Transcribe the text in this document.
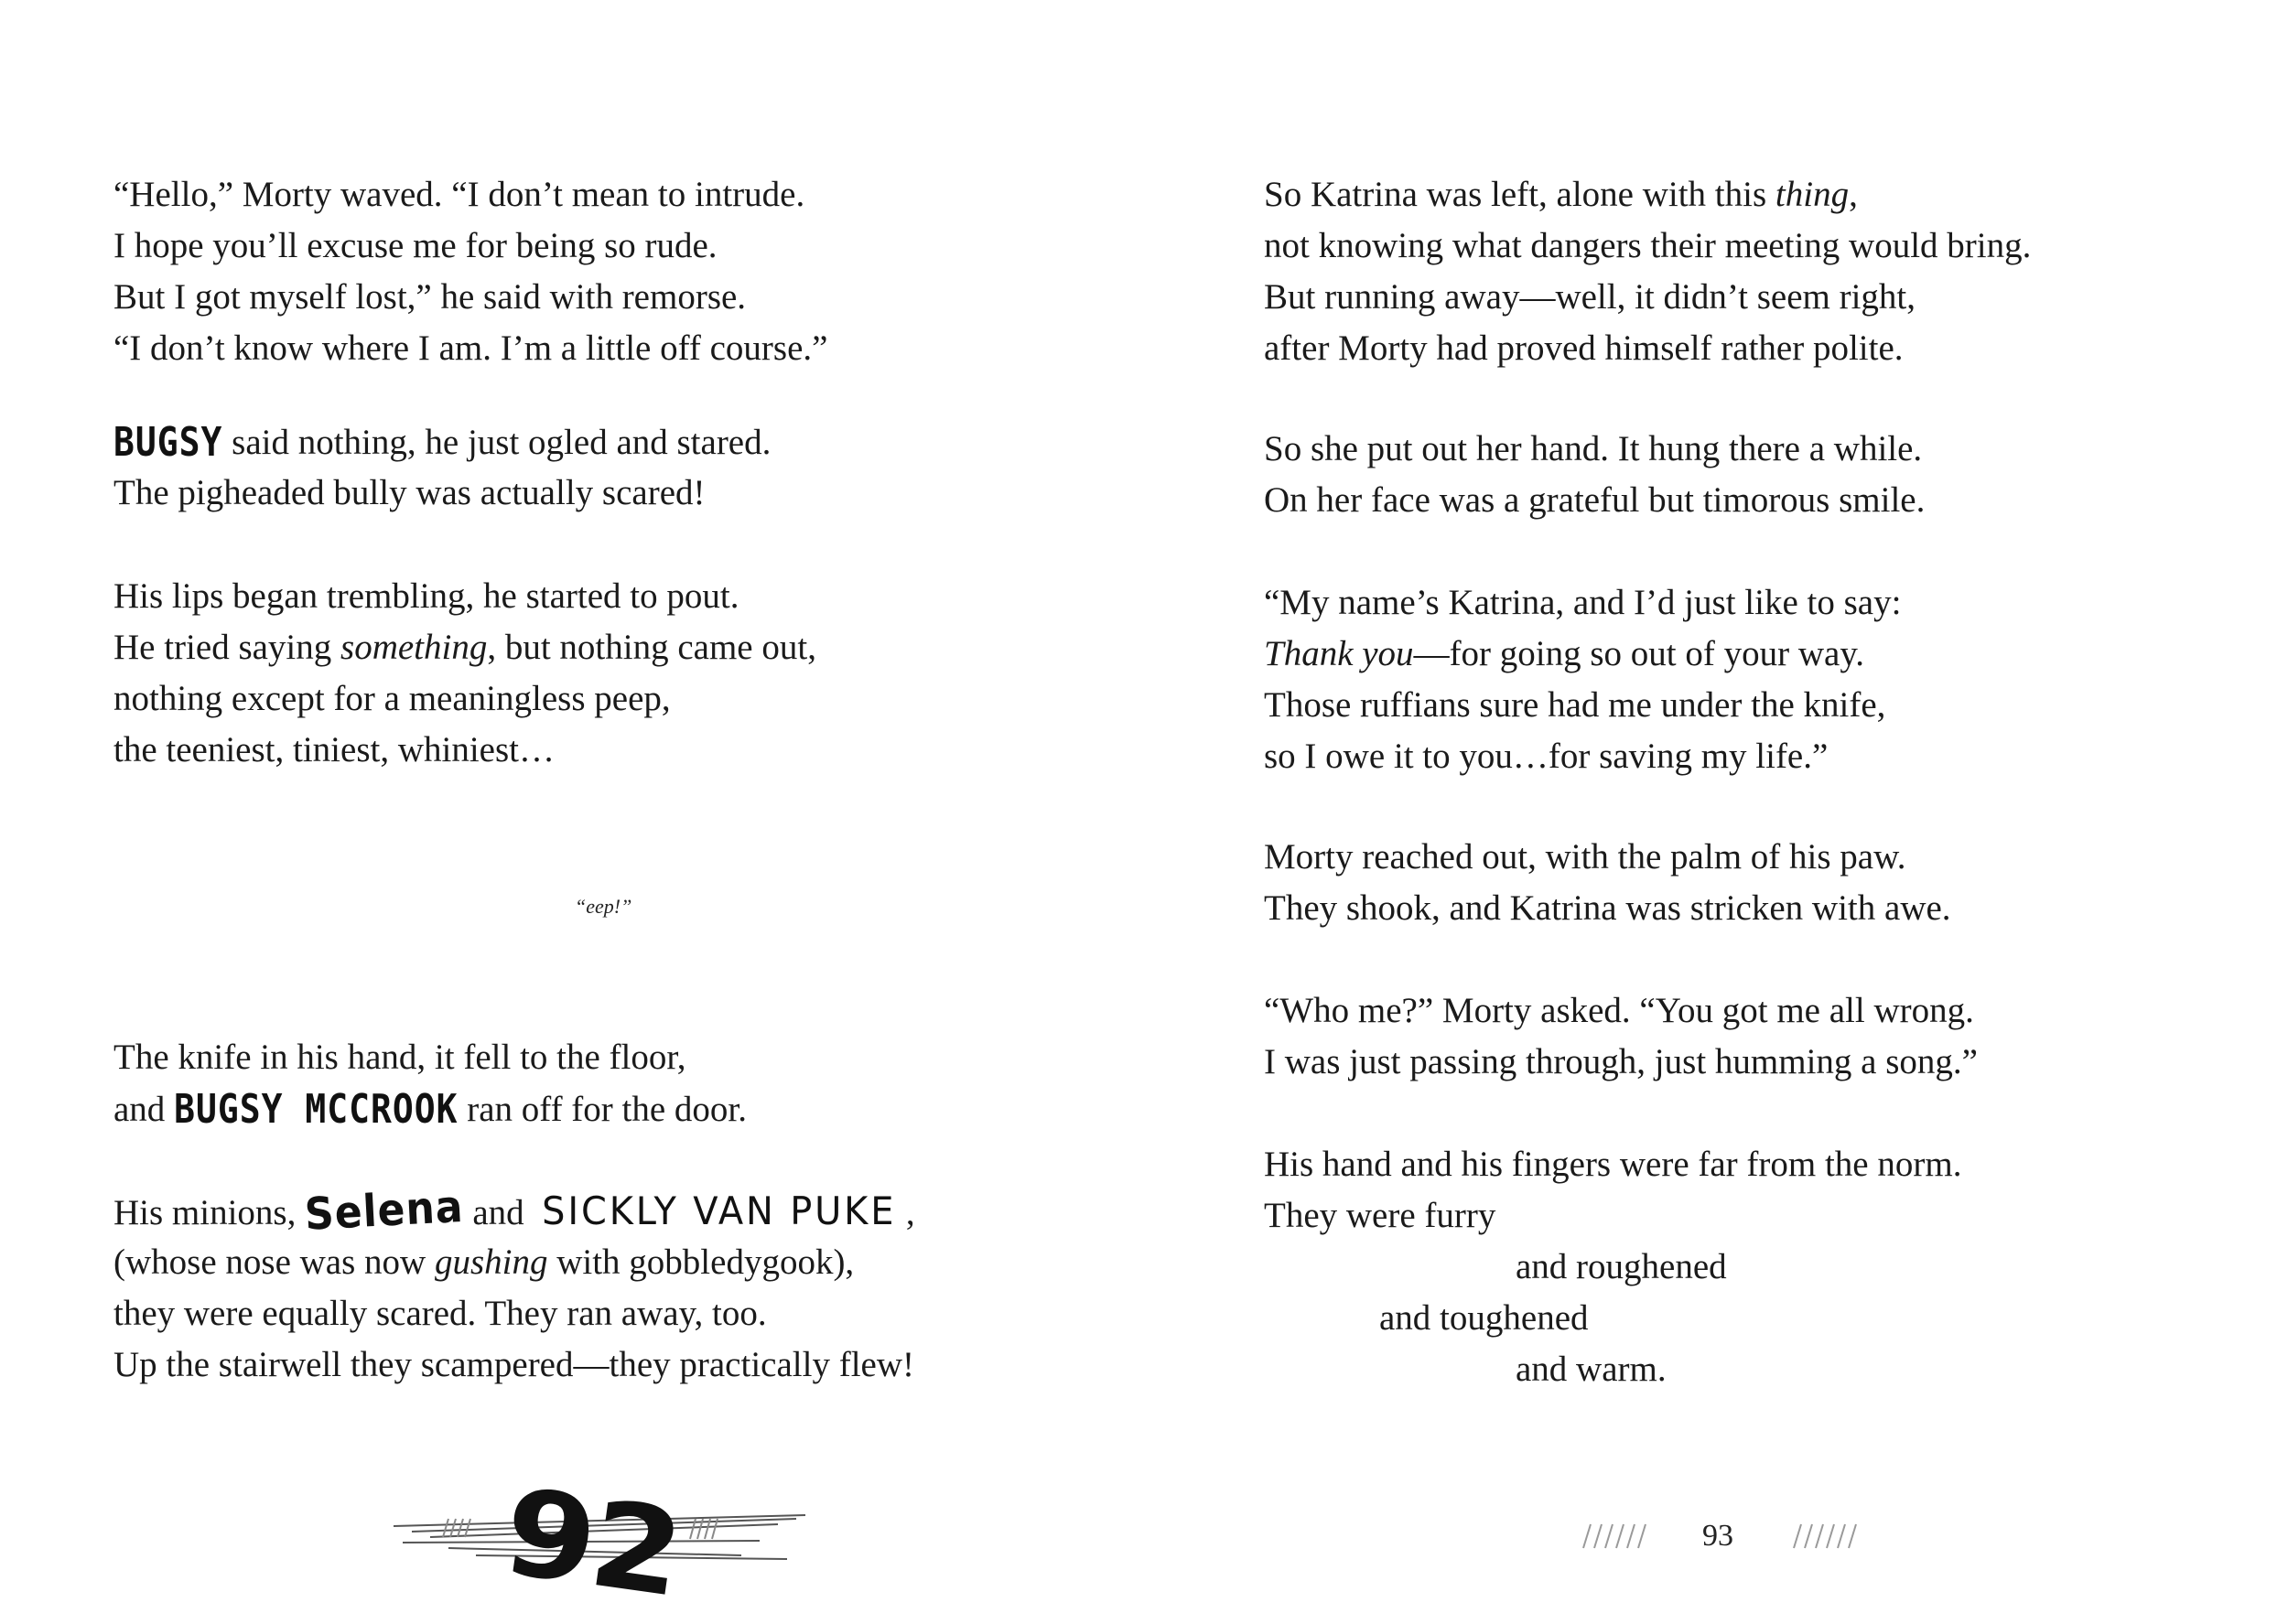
“Hello,” Morty waved. “I don’t mean to intrude.
I hope you’ll excuse me for being so rude.
But I got myself lost,” he said with remorse.
“I don’t know where I am. I’m a little off course.”
BUGSY said nothing, he just ogled and stared.
The pigheaded bully was actually scared!
His lips began trembling, he started to pout.
He tried saying something, but nothing came out,
nothing except for a meaningless peep,
the teeniest, tiniest, whiniest…
“eep!”
The knife in his hand, it fell to the floor,
and BUGSY MCCROOK ran off for the door.
His minions, Selena and SICKLY VAN PUKE ,
(whose nose was now gushing with gobbledygook),
they were equally scared. They ran away, too.
Up the stairwell they scampered—they practically flew!
92
So Katrina was left, alone with this thing,
not knowing what dangers their meeting would bring.
But running away—well, it didn’t seem right,
after Morty had proved himself rather polite.
So she put out her hand. It hung there a while.
On her face was a grateful but timorous smile.
“My name’s Katrina, and I’d just like to say:
Thank you—for going so out of your way.
Those ruffians sure had me under the knife,
so I owe it to you…for saving my life.”
Morty reached out, with the palm of his paw.
They shook, and Katrina was stricken with awe.
“Who me?” Morty asked. “You got me all wrong.
I was just passing through, just humming a song.”
His hand and his fingers were far from the norm.
They were furry
and roughened
and toughened
and warm.
93
